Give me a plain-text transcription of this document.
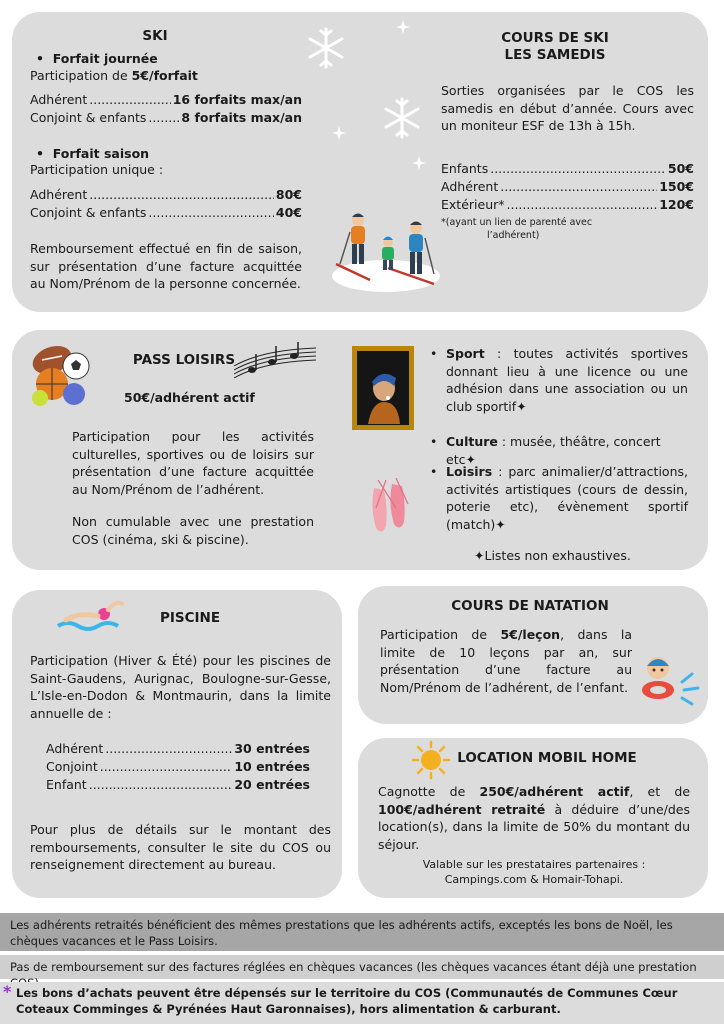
SKI
•  Forfait journée
Participation de 5€/forfait
Adhérent .....	16 forfaits max/an
Conjoint & enfants .....	8 forfaits max/an
•  Forfait saison
Participation unique :
Adhérent .....	80€
Conjoint & enfants .....	40€
Remboursement effectué en fin de saison, sur présentation d’une facture acquittée au Nom/Prénom de la personne concernée.
COURS DE SKI
LES SAMEDIS
Sorties organisées par le COS les samedis en début d’année. Cours avec un moniteur ESF de 13h à 15h.
Enfants .....	50€
Adhérent .....	150€
Extérieur* .....	120€
*(ayant un lien de parenté avec
l’adhérent)
PASS LOISIRS
50€/adhérent actif
Participation pour les activités culturelles, sportives ou de loisirs sur présentation d’une facture acquittée au Nom/Prénom de l’adhérent.
Non cumulable avec une prestation COS (cinéma, ski & piscine).
• Sport : toutes activités sportives donnant lieu à une licence ou une adhésion dans une association ou un club sportif✦
• Culture : musée, théâtre, concert etc✦
• Loisirs : parc animalier/d’attractions, activités artistiques (cours de dessin, poterie etc), évènement sportif (match)✦
✦Listes non exhaustives.
PISCINE
Participation (Hiver & Été) pour les piscines de Saint-Gaudens, Aurignac, Boulogne-sur-Gesse, L’Isle-en-Dodon & Montmaurin, dans la limite annuelle de :
Adhérent .....	30 entrées
Conjoint .....	10 entrées
Enfant .....	20 entrées
Pour plus de détails sur le montant des remboursements, consulter le site du COS ou renseignement directement au bureau.
COURS DE NATATION
Participation de 5€/leçon, dans la limite de 10 leçons par an, sur présentation d’une facture au Nom/Prénom de l’adhérent, de l’enfant.
LOCATION MOBIL HOME
Cagnotte de 250€/adhérent actif, et de 100€/adhérent retraité à déduire d’une/des location(s), dans la limite de 50% du montant du séjour.
Valable sur les prestataires partenaires :
Campings.com & Homair-Tohapi.
Les adhérents retraités bénéficient des mêmes prestations que les adhérents actifs, exceptés les bons de Noël, les chèques vacances et le Pass Loisirs.
Pas de remboursement sur des factures réglées en chèques vacances (les chèques vacances étant déjà une prestation
* Les bons d’achats peuvent être dépensés sur le territoire du COS (Communautés de Communes Cœur Coteaux Comminges & Pyrénées Haut Garonnaises), hors alimentation & carburant.
